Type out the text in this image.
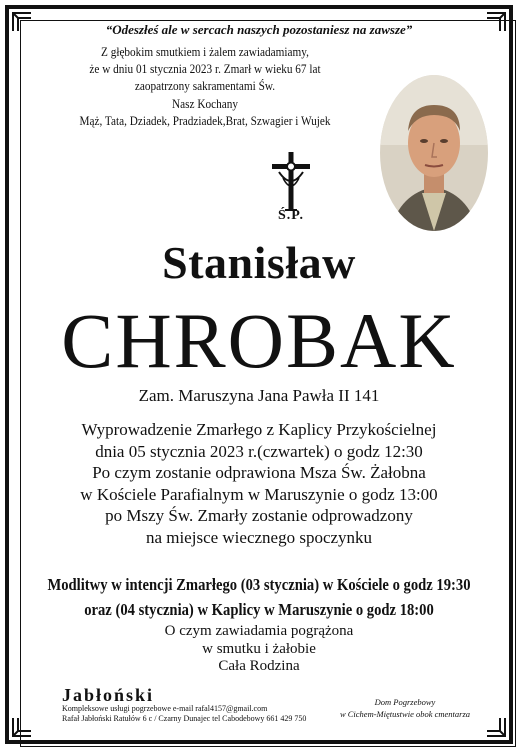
“Odeszłeś ale w sercach naszych pozostaniesz na zawsze”
Z głębokim smutkiem i żalem zawiadamiamy,
że w dniu 01 stycznia 2023 r. Zmarł w wieku 67 lat
zaopatrzony sakramentami Św.
Nasz Kochany
Mąż, Tata, Dziadek, Pradziadek,Brat, Szwagier i Wujek
Ś.P.
Stanisław
CHROBAK
Zam. Maruszyna Jana Pawła II 141
Wyprowadzenie Zmarłego z Kaplicy Przykościelnej
dnia 05 stycznia 2023 r.(czwartek) o godz 12:30
Po czym zostanie odprawiona Msza Św. Żałobna
w Kościele Parafialnym w Maruszynie o godz 13:00
po Mszy Św. Zmarły zostanie odprowadzony
na miejsce wiecznego spoczynku
Modlitwy w intencji Zmarłego (03 stycznia) w Kościele o godz 19:30
oraz (04 stycznia) w Kaplicy w Maruszynie o godz 18:00
O czym zawiadamia pogrążona
w smutku i żałobie
Cała Rodzina
Jabłoński
Kompleksowe usługi pogrzebowe e-mail rafal4157@gmail.com
Rafał Jabłoński Ratułów 6 c / Czarny Dunajec tel Cabodebowy 661 429 750
Dom Pogrzebowy
w Cichem-Miętustwie obok cmentarza
